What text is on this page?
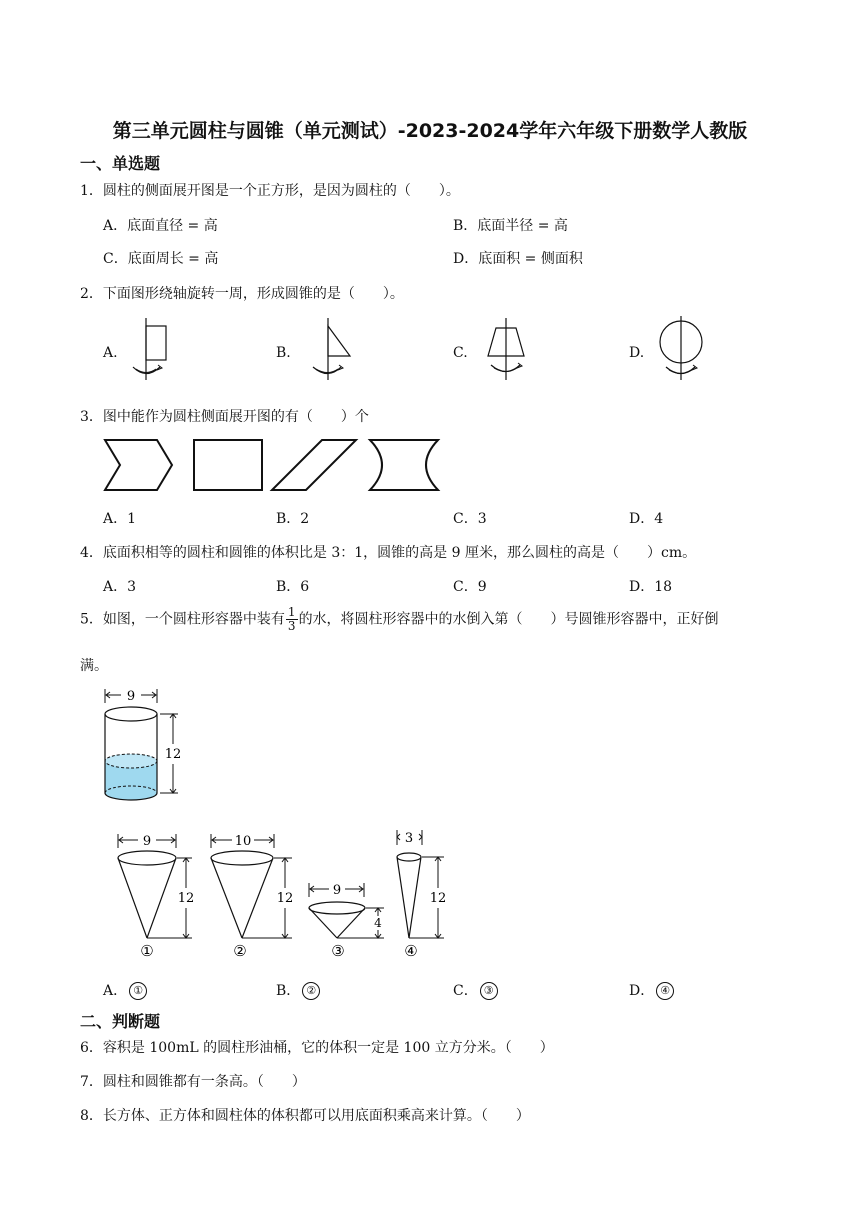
第三单元圆柱与圆锥（单元测试）-2023-2024学年六年级下册数学人教版
一、单选题
1．圆柱的侧面展开图是一个正方形，是因为圆柱的（　　）。
A．底面直径 = 高	B．底面半径 = 高
C．底面周长 = 高	D．底面积 = 侧面积
2．下面图形绕轴旋转一周，形成圆锥的是（　　）。
A.	B.	C.	D.
3．图中能作为圆柱侧面展开图的有（　　）个
A．1	B．2	C．3	D．4
4．底面积相等的圆柱和圆锥的体积比是 3：1，圆锥的高是 9 厘米，那么圆柱的高是（　　）cm。
A．3	B．6	C．9	D．18
5．如图，一个圆柱形容器中装有 $\frac{1}{3}$ 的水，将圆柱形容器中的水倒入第（　　）号圆锥形容器中，正好倒
满。
9
12
9
12
①
10
12
②
9
4
③
3
12
④
A． ①	B． ②	C． ③	D． ④
二、判断题
6．容积是 100mL 的圆柱形油桶，它的体积一定是 100 立方分米。（　　）
7．圆柱和圆锥都有一条高。（　　）
8．长方体、正方体和圆柱体的体积都可以用底面积乘高来计算。（　　）
